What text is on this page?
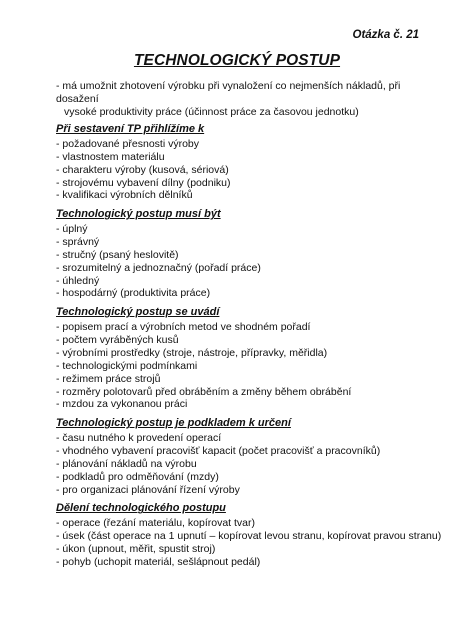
Otázka č. 21
TECHNOLOGICKÝ POSTUP
- má umožnit zhotovení výrobku při vynaložení co nejmenších nákladů, při dosažení
vysoké produktivity práce (účinnost práce za časovou jednotku)
Při sestavení TP přihlížíme k
- požadované přesnosti výroby
- vlastnostem materiálu
- charakteru výroby (kusová, sériová)
- strojovému vybavení dílny (podniku)
- kvalifikaci výrobních dělníků
Technologický postup musí být
- úplný
- správný
- stručný (psaný heslovitě)
- srozumitelný a jednoznačný (pořadí práce)
- úhledný
- hospodárný (produktivita práce)
Technologický postup se uvádí
- popisem prací a výrobních metod ve shodném pořadí
- počtem vyráběných kusů
- výrobními prostředky (stroje, nástroje, přípravky, měřidla)
- technologickými podmínkami
- režimem práce strojů
- rozměry polotovarů před obráběním a změny během obrábění
- mzdou za vykonanou práci
Technologický postup je podkladem k určení
- času nutného k provedení operací
- vhodného vybavení pracovišť kapacit (počet pracovišť a pracovníků)
- plánování nákladů na výrobu
- podkladů pro odměňování (mzdy)
- pro organizaci plánování řízení výroby
Dělení technologického postupu
- operace (řezání materiálu, kopírovat tvar)
- úsek (část operace na 1 upnutí – kopírovat levou stranu, kopírovat pravou stranu)
- úkon (upnout, měřit, spustit stroj)
- pohyb (uchopit materiál, sešlápnout pedál)
